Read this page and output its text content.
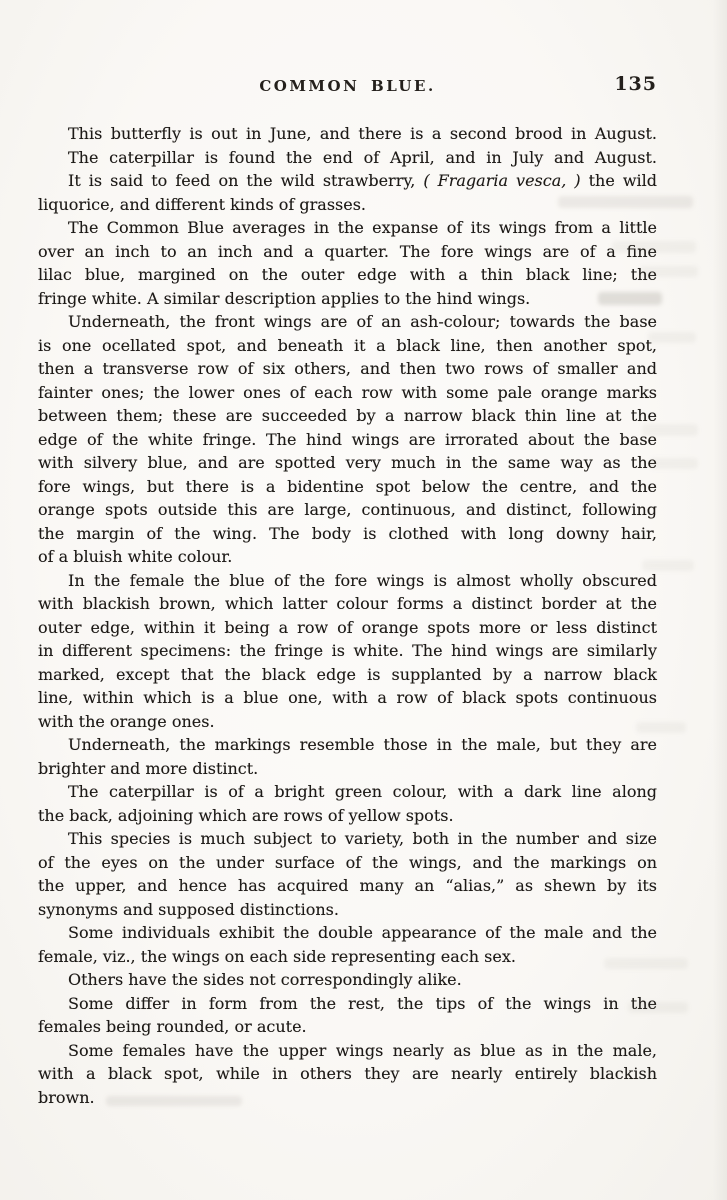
COMMON BLUE.	135
This butterfly is out in June, and there is a second brood in August.
The caterpillar is found the end of April, and in July and August.
It is said to feed on the wild strawberry, ( Fragaria vesca, ) the wild
liquorice, and different kinds of grasses.
The Common Blue averages in the expanse of its wings from a little
over an inch to an inch and a quarter. The fore wings are of a fine
lilac blue, margined on the outer edge with a thin black line; the
fringe white. A similar description applies to the hind wings.
Underneath, the front wings are of an ash-colour; towards the base
is one ocellated spot, and beneath it a black line, then another spot,
then a transverse row of six others, and then two rows of smaller and
fainter ones; the lower ones of each row with some pale orange marks
between them; these are succeeded by a narrow black thin line at the
edge of the white fringe. The hind wings are irrorated about the base
with silvery blue, and are spotted very much in the same way as the
fore wings, but there is a bidentine spot below the centre, and the
orange spots outside this are large, continuous, and distinct, following
the margin of the wing. The body is clothed with long downy hair,
of a bluish white colour.
In the female the blue of the fore wings is almost wholly obscured
with blackish brown, which latter colour forms a distinct border at the
outer edge, within it being a row of orange spots more or less distinct
in different specimens: the fringe is white. The hind wings are similarly
marked, except that the black edge is supplanted by a narrow black
line, within which is a blue one, with a row of black spots continuous
with the orange ones.
Underneath, the markings resemble those in the male, but they are
brighter and more distinct.
The caterpillar is of a bright green colour, with a dark line along
the back, adjoining which are rows of yellow spots.
This species is much subject to variety, both in the number and size
of the eyes on the under surface of the wings, and the markings on
the upper, and hence has acquired many an “alias,” as shewn by its
synonyms and supposed distinctions.
Some individuals exhibit the double appearance of the male and the
female, viz., the wings on each side representing each sex.
Others have the sides not correspondingly alike.
Some differ in form from the rest, the tips of the wings in the
females being rounded, or acute.
Some females have the upper wings nearly as blue as in the male,
with a black spot, while in others they are nearly entirely blackish
brown.
